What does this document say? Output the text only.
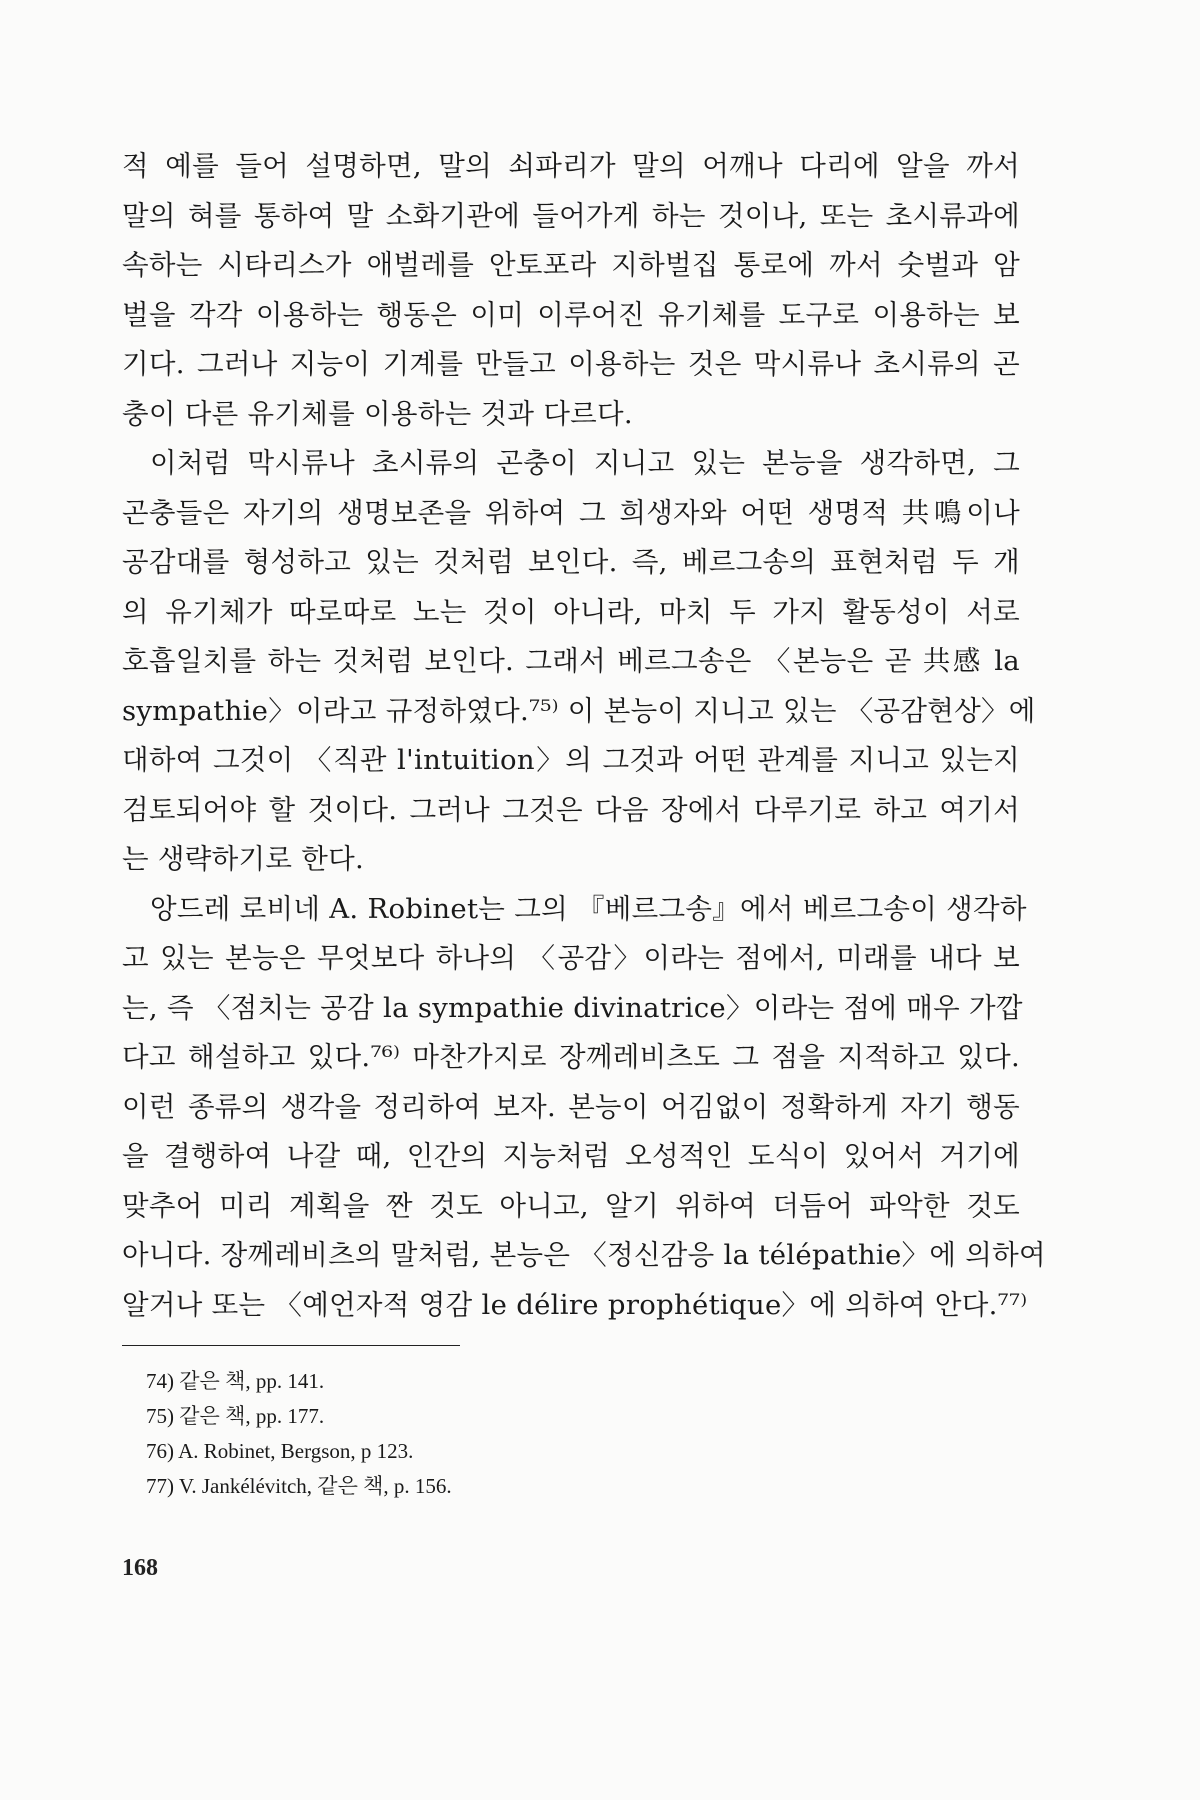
적 예를 들어 설명하면, 말의 쇠파리가 말의 어깨나 다리에 알을 까서
말의 혀를 통하여 말 소화기관에 들어가게 하는 것이나, 또는 초시류과에
속하는 시타리스가 애벌레를 안토포라 지하벌집 통로에 까서 숫벌과 암
벌을 각각 이용하는 행동은 이미 이루어진 유기체를 도구로 이용하는 보
기다. 그러나 지능이 기계를 만들고 이용하는 것은 막시류나 초시류의 곤
충이 다른 유기체를 이용하는 것과 다르다.
이처럼 막시류나 초시류의 곤충이 지니고 있는 본능을 생각하면, 그
곤충들은 자기의 생명보존을 위하여 그 희생자와 어떤 생명적 共鳴이나
공감대를 형성하고 있는 것처럼 보인다. 즉, 베르그송의 표현처럼 두 개
의 유기체가 따로따로 노는 것이 아니라, 마치 두 가지 활동성이 서로
호흡일치를 하는 것처럼 보인다. 그래서 베르그송은 〈본능은 곧 共感 la
sympathie〉이라고 규정하였다.⁷⁵⁾ 이 본능이 지니고 있는 〈공감현상〉에
대하여 그것이 〈직관 l'intuition〉의 그것과 어떤 관계를 지니고 있는지
검토되어야 할 것이다. 그러나 그것은 다음 장에서 다루기로 하고 여기서
는 생략하기로 한다.
앙드레 로비네 A. Robinet는 그의 『베르그송』에서 베르그송이 생각하
고 있는 본능은 무엇보다 하나의 〈공감〉이라는 점에서, 미래를 내다 보
는, 즉 〈점치는 공감 la sympathie divinatrice〉이라는 점에 매우 가깝
다고 해설하고 있다.⁷⁶⁾ 마찬가지로 장께레비츠도 그 점을 지적하고 있다.
이런 종류의 생각을 정리하여 보자. 본능이 어김없이 정확하게 자기 행동
을 결행하여 나갈 때, 인간의 지능처럼 오성적인 도식이 있어서 거기에
맞추어 미리 계획을 짠 것도 아니고, 알기 위하여 더듬어 파악한 것도
아니다. 장께레비츠의 말처럼, 본능은 〈정신감응 la télépathie〉에 의하여
알거나 또는 〈예언자적 영감 le délire prophétique〉에 의하여 안다.⁷⁷⁾
74) 같은 책, pp. 141.
75) 같은 책, pp. 177.
76) A. Robinet, Bergson, p 123.
77) V. Jankélévitch, 같은 책, p. 156.
168
